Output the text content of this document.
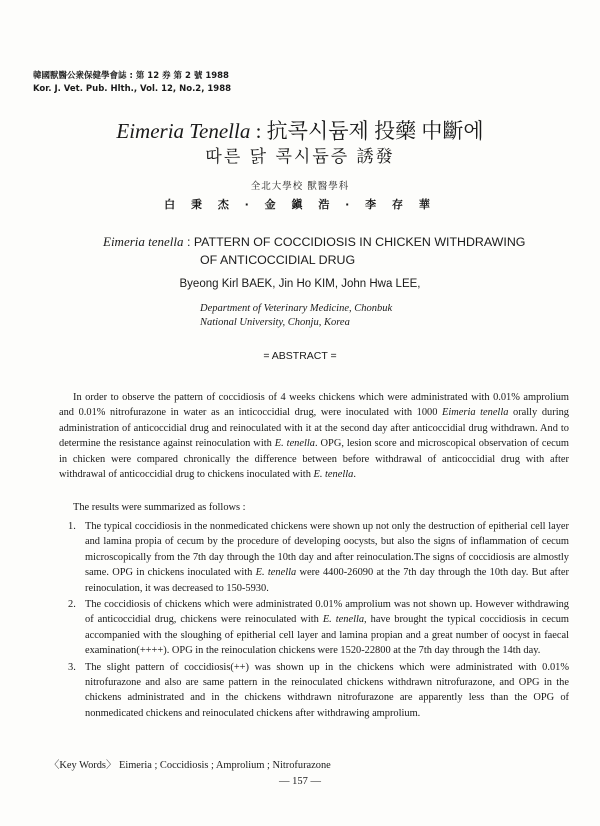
韓國獸醫公衆保健學會誌 : 第 12 券 第 2 號 1988
Kor. J. Vet. Pub. Hlth., Vol. 12, No.2, 1988
Eimeria Tenella : 抗콕시듐제 投藥 中斷에
따른 닭 콕시듐증 誘發
全北大學校 獸醫學科
白 秉 杰 · 金 鎭 浩 · 李 存 華
Eimeria tenella : PATTERN OF COCCIDIOSIS IN CHICKEN WITHDRAWING
OF ANTICOCCIDIAL DRUG
Byeong Kirl BAEK, Jin Ho KIM, John Hwa LEE,
Department of Veterinary Medicine, Chonbuk
National University, Chonju, Korea
= ABSTRACT =
In order to observe the pattern of coccidiosis of 4 weeks chickens which were administrated with 0.01% amprolium and 0.01% nitrofurazone in water as an inticoccidial drug, were inoculated with 1000 Eimeria tenella orally during administration of anticoccidial drug and reinoculated with it at the second day after anticoccidial drug withdrawn. And to determine the resistance against reinoculation with E. tenella. OPG, lesion score and microscopical observation of cecum in chicken were compared chronically the difference between before withdrawal of anticoccidial drug with after withdrawal of anticoccidial drug to chickens inoculated with E. tenella.
The results were summarized as follows :
1. The typical coccidiosis in the nonmedicated chickens were shown up not only the destruction of epitherial cell layer and lamina propia of cecum by the procedure of developing oocysts, but also the signs of inflammation of cecum microscopically from the 7th day through the 10th day and after reinoculation.The signs of coccidiosis are almostly same. OPG in chickens inoculated with E. tenella were 4400-26090 at the 7th day through the 10th day. But after reinoculation, it was decreased to 150-5930.
2. The coccidiosis of chickens which were administrated 0.01% amprolium was not shown up. However withdrawing of anticoccidial drug, chickens were reinoculated with E. tenella, have brought the typical coccidiosis in cecum accompanied with the sloughing of epitherial cell layer and lamina propian and a great number of oocyst in faecal examination(++++). OPG in the reinoculation chickens were 1520-22800 at the 7th day through the 14th day.
3. The slight pattern of coccidiosis(++) was shown up in the chickens which were administrated with 0.01% nitrofurazone and also are same pattern in the reinoculated chickens withdrawn nitrofurazone, and OPG in the chickens administrated and in the chickens withdrawn nitrofurazone are apparently less than the OPG of nonmedicated chickens and reinoculated chickens after withdrawing amprolium.
〈Key Words〉 Eimeria ; Coccidiosis ; Amprolium ; Nitrofurazone
— 157 —
